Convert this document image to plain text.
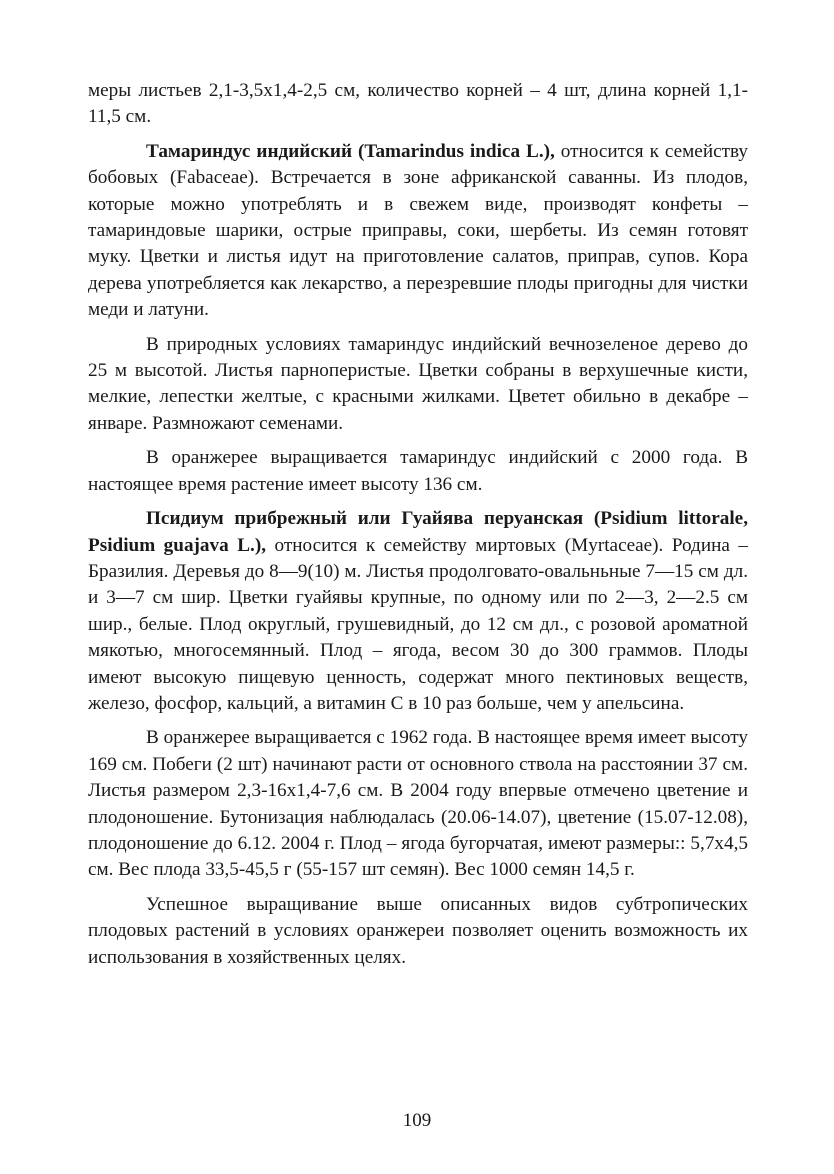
меры листьев 2,1-3,5х1,4-2,5 см, количество корней – 4 шт, длина корней 1,1-11,5 см.

Тамариндус индийский (Tamarindus indica L.), относится к семейству бобовых (Fabaceae). Встречается в зоне африканской саванны. Из плодов, которые можно употреблять и в свежем виде, производят конфеты – тамариндовые шарики, острые приправы, соки, шербеты. Из семян готовят муку. Цветки и листья идут на приготовление салатов, приправ, супов. Кора дерева употребляется как лекарство, а перезревшие плоды пригодны для чистки меди и латуни.

В природных условиях тамариндус индийский вечнозеленое дерево до 25 м высотой. Листья парноперистые. Цветки собраны в верхушечные кисти, мелкие, лепестки желтые, с красными жилками. Цветет обильно в декабре – январе. Размножают семенами.

В оранжерее выращивается тамариндус индийский с 2000 года. В настоящее время растение имеет высоту 136 см.

Псидиум прибрежный или Гуайява перуанская (Psidium littorale, Psidium guajava L.), относится к семейству миртовых (Myrtaceae). Родина – Бразилия. Деревья до 8—9(10) м. Листья продолговато-овальньные 7—15 см дл. и 3—7 см шир. Цветки гуайявы крупные, по одному или по 2—3, 2—2.5 см шир., белые. Плод округлый, грушевидный, до 12 см дл., с розовой ароматной мякотью, многосемянный. Плод – ягода, весом 30 до 300 граммов. Плоды имеют высокую пищевую ценность, содержат много пектиновых веществ, железо, фосфор, кальций, а витамин С в 10 раз больше, чем у апельсина.

В оранжерее выращивается с 1962 года. В настоящее время имеет высоту 169 см. Побеги (2 шт) начинают расти от основного ствола на расстоянии 37 см. Листья размером 2,3-16х1,4-7,6 см. В 2004 году впервые отмечено цветение и плодоношение. Бутонизация наблюдалась (20.06-14.07), цветение (15.07-12.08), плодоношение до 6.12. 2004 г. Плод – ягода бугорчатая, имеют размеры:: 5,7х4,5 см. Вес плода 33,5-45,5 г (55-157 шт семян). Вес 1000 семян 14,5 г.

Успешное выращивание выше описанных видов субтропических плодовых растений в условиях оранжереи позволяет оценить возможность их использования в хозяйственных целях.

109
